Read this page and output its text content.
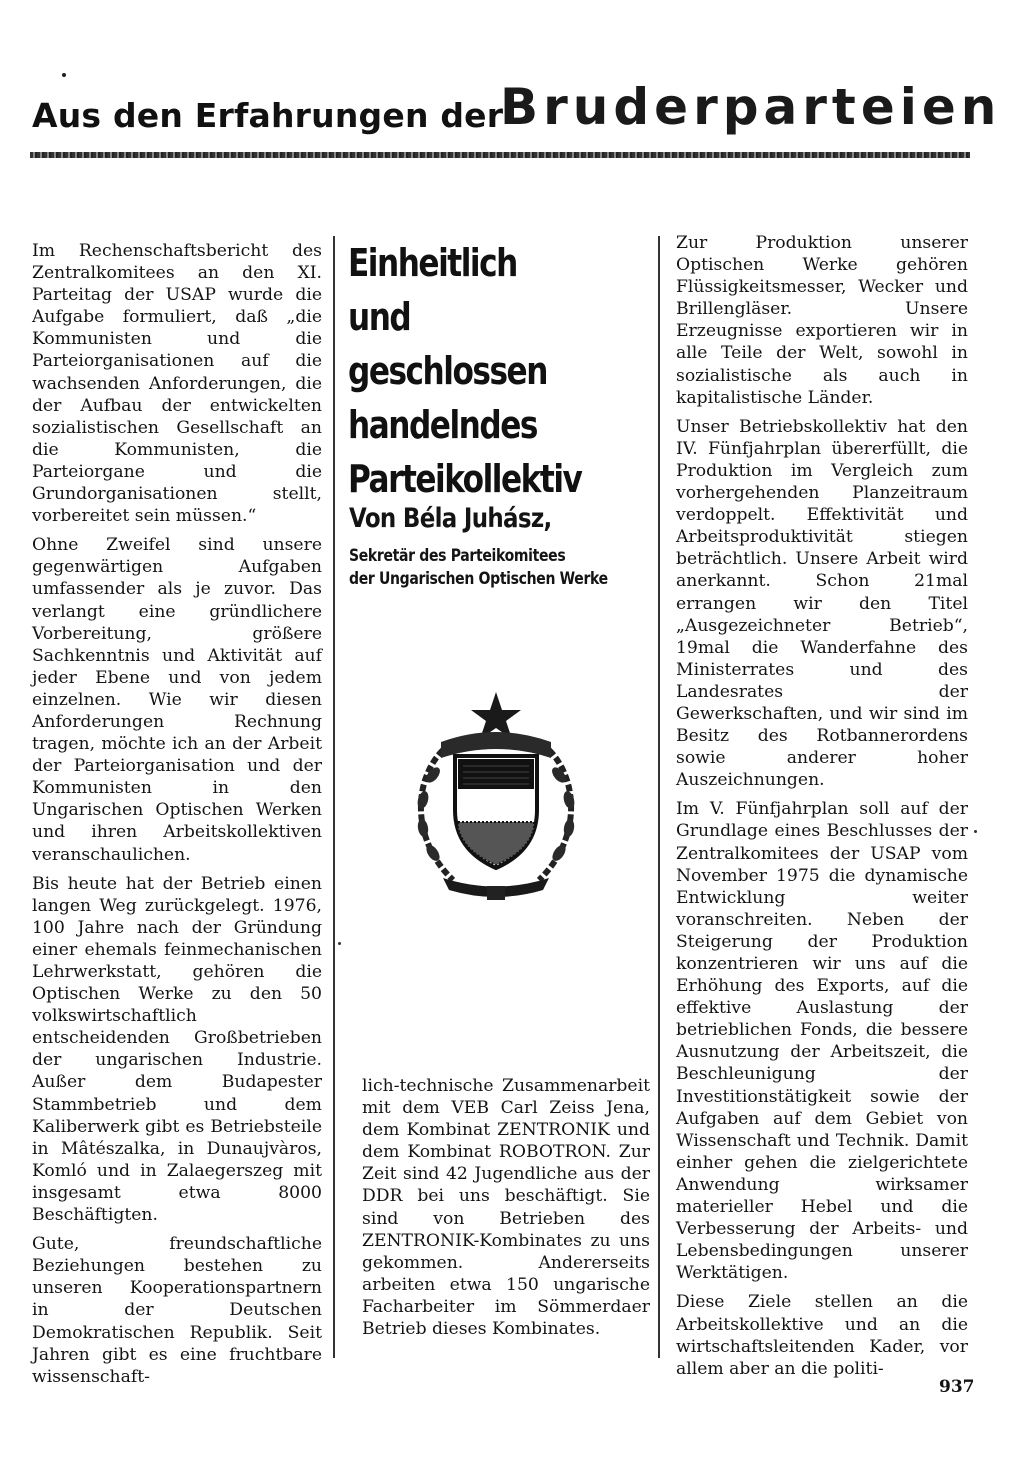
Aus den Erfahrungen der
Bruderparteien

Im Rechenschaftsbericht des Zentralkomitees an den XI. Parteitag der USAP wurde die Aufgabe formuliert, daß „die Kommunisten und die Parteiorganisationen auf die wachsenden Anforderungen, die der Aufbau der entwickelten sozialistischen Gesellschaft an die Kommunisten, die Parteiorgane und die Grundorganisationen stellt, vorbereitet sein müssen.“

Ohne Zweifel sind unsere gegenwärtigen Aufgaben umfassender als je zuvor. Das verlangt eine gründlichere Vorbereitung, größere Sachkenntnis und Aktivität auf jeder Ebene und von jedem einzelnen. Wie wir diesen Anforderungen Rechnung tragen, möchte ich an der Arbeit der Parteiorganisation und der Kommunisten in den Ungarischen Optischen Werken und ihren Arbeitskollektiven veranschaulichen.

Bis heute hat der Betrieb einen langen Weg zurückgelegt. 1976, 100 Jahre nach der Gründung einer ehemals feinmechanischen Lehrwerkstatt, gehören die Optischen Werke zu den 50 volkswirtschaftlich entscheidenden Großbetrieben der ungarischen Industrie. Außer dem Budapester Stammbetrieb und dem Kaliberwerk gibt es Betriebsteile in Mâtészalka, in Dunaujvàros, Komló und in Zalaegerszeg mit insgesamt etwa 8000 Beschäftigten.

Gute, freundschaftliche Beziehungen bestehen zu unseren Kooperationspartnern in der Deutschen Demokratischen Republik. Seit Jahren gibt es eine fruchtbare wissenschaft-

Einheitlich
und geschlossen
handelndes
Parteikollektiv
Von Béla Juhász,
Sekretär des Parteikomitees
der Ungarischen Optischen Werke

lich-technische Zusammenarbeit mit dem VEB Carl Zeiss Jena, dem Kombinat ZENTRONIK und dem Kombinat ROBOTRON. Zur Zeit sind 42 Jugendliche aus der DDR bei uns beschäftigt. Sie sind von Betrieben des ZENTRONIK-Kombinates zu uns gekommen. Andererseits arbeiten etwa 150 ungarische Facharbeiter im Sömmerdaer Betrieb dieses Kombinates.

Zur Produktion unserer Optischen Werke gehören Flüssigkeitsmesser, Wecker und Brillengläser. Unsere Erzeugnisse exportieren wir in alle Teile der Welt, sowohl in sozialistische als auch in kapitalistische Länder.

Unser Betriebskollektiv hat den IV. Fünfjahrplan übererfüllt, die Produktion im Vergleich zum vorhergehenden Planzeitraum verdoppelt. Effektivität und Arbeitsproduktivität stiegen beträchtlich. Unsere Arbeit wird anerkannt. Schon 21mal errangen wir den Titel „Ausgezeichneter Betrieb“, 19mal die Wanderfahne des Ministerrates und des Landesrates der Gewerkschaften, und wir sind im Besitz des Rotbannerordens sowie anderer hoher Auszeichnungen.

Im V. Fünfjahrplan soll auf der Grundlage eines Beschlusses der Zentralkomitees der USAP vom November 1975 die dynamische Entwicklung weiter voranschreiten. Neben der Steigerung der Produktion konzentrieren wir uns auf die Erhöhung des Exports, auf die effektive Auslastung der betrieblichen Fonds, die bessere Ausnutzung der Arbeitszeit, die Beschleunigung der Investitionstätigkeit sowie der Aufgaben auf dem Gebiet von Wissenschaft und Technik. Damit einher gehen die zielgerichtete Anwendung wirksamer materieller Hebel und die Verbesserung der Arbeits- und Lebensbedingungen unserer Werktätigen.

Diese Ziele stellen an die Arbeitskollektive und an die wirtschaftsleitenden Kader, vor allem aber an die politi-

937
